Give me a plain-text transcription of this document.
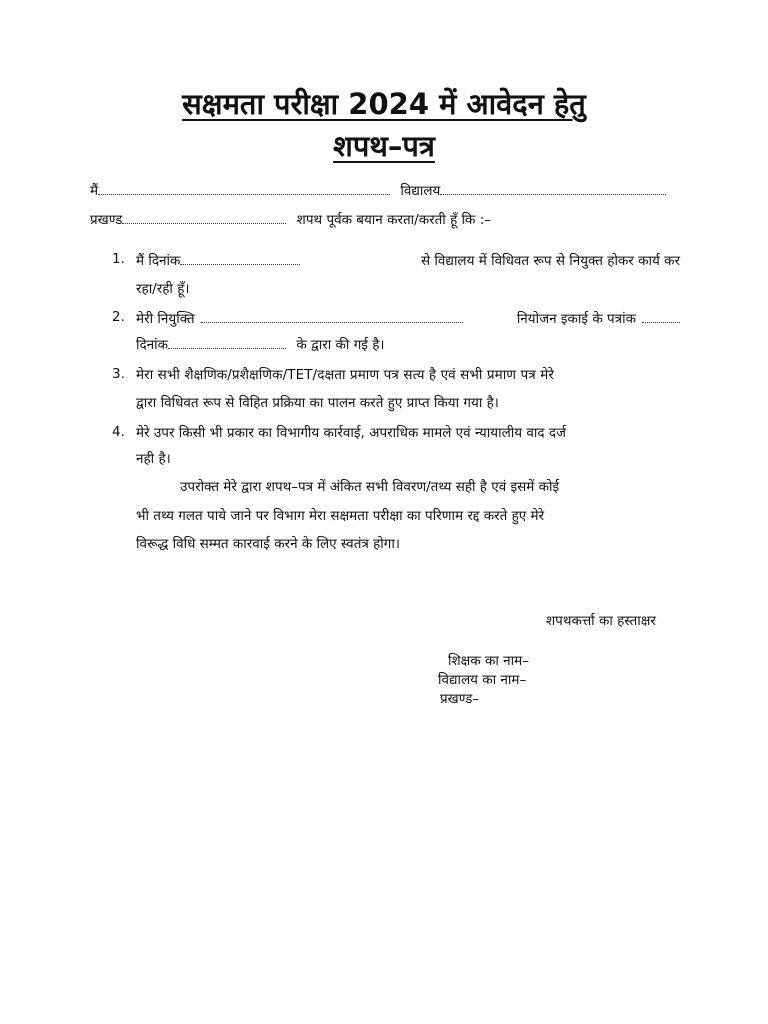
सक्षमता परीक्षा 2024 में आवेदन हेतु
शपथ–पत्र
मैं	विद्यालय
प्रखण्ड	शपथ पूर्वक बयान करता/करती हूँ कि :–
1. मैं दिनांक	से विद्यालय में विधिवत रूप से नियुक्त होकर कार्य कर
रहा/रही हूँ।
2. मेरी नियुक्ति	नियोजन इकाई के पत्रांक
दिनांक	के द्वारा की गई है।
3. मेरा सभी शैक्षणिक/प्रशैक्षणिक/TET/दक्षता प्रमाण पत्र सत्य है एवं सभी प्रमाण पत्र मेरे
द्वारा विधिवत रूप से विहित प्रक्रिया का पालन करते हुए प्राप्त किया गया है।
4. मेरे उपर किसी भी प्रकार का विभागीय कार्रवाई, अपराधिक मामले एवं न्यायालीय वाद दर्ज
नही है।
उपरोक्त मेरे द्वारा शपथ–पत्र में अंकित सभी विवरण/तथ्य सही है एवं इसमें कोई
भी तथ्य गलत पाये जाने पर विभाग मेरा सक्षमता परीक्षा का परिणाम रद्द करते हुए मेरे
विरूद्ध विधि सम्मत कारवाई करने के लिए स्वतंत्र होगा।
शपथकर्त्ता का हस्ताक्षर
शिक्षक का नाम–
विद्यालय का नाम–
प्रखण्ड–
